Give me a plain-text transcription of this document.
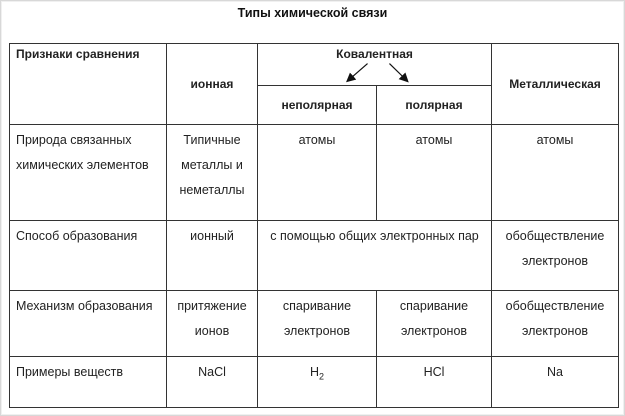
Типы химической связи
Признаки сравнения	ионная	Ковалентная		Металлическая
		неполярная	полярная	
Природа связанных химических элементов	Типичные металлы и неметаллы	атомы	атомы	атомы
Способ образования	ионный	с помощью общих электронных пар		обобществление электронов
Механизм образования	притяжение ионов	спаривание электронов	спаривание электронов	обобществление электронов
Примеры веществ	NaCl	$H_2$	HCl	Na
